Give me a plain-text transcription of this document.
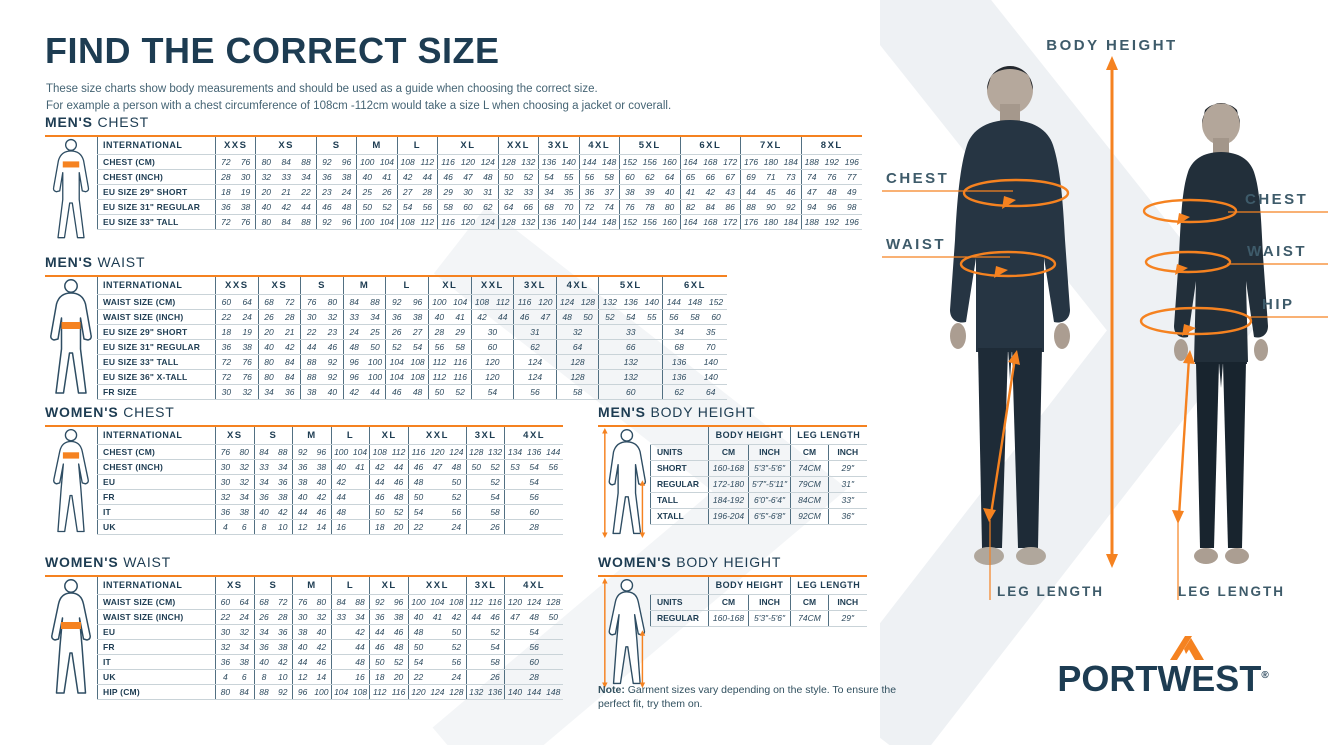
FIND THE CORRECT SIZE
These size charts show body measurements and should be used as a guide when choosing the correct size.
For example a person with a chest circumference of 108cm -112cm would take a size L when choosing a jacket or coverall.
MEN'S CHEST
INTERNATIONAL	XXS	XS	S	M	L	XL	XXL	3XL	4XL	5XL	6XL	7XL	8XL
CHEST (CM)	72 76	80 84 88	92 96	100 104	108 112	116 120 124	128 132	136 140	144 148	152 156 160	164 168 172	176 180 184	188 192 196

CHEST (INCH)	28 30	32 33 34	36 38	40 41	42 44	46 47 48	50 52	54 55	56 58	60 62 64	65 66 67	69 71 73	74 76 77

EU SIZE 29" SHORT	18 19	20 21 22	23 24	25 26	27 28	29 30 31	32 33	34 35	36 37	38 39 40	41 42 43	44 45 46	47 48 49

EU SIZE 31" REGULAR	36 38	40 42 44	46 48	50 52	54 56	58 60 62	64 66	68 70	72 74	76 78 80	82 84 86	88 90 92	94 96 98

EU SIZE 33" TALL	72 76	80 84 88	92 96	100 104	108 112	116 120 124	128 132	136 140	144 148	152 156 160	164 168 172	176 180 184	188 192 196
MEN'S WAIST
INTERNATIONAL	XXS	XS	S	M	L	XL	XXL	3XL	4XL	5XL	6XL
WAIST SIZE (CM)	60 64	68 72	76 80	84 88	92 96	100 104	108 112	116 120	124 128	132 136 140	144 148 152

WAIST SIZE (INCH)	22 24	26 28	30 32	33 34	36 38	40 41	42 44	46 47	48 50	52 54 55	56 58 60

EU SIZE 29" SHORT	18 19	20 21	22 23	24 25	26 27	28 29	30	31	32	33	34 35

EU SIZE 31" REGULAR	36 38	40 42	44 46	48 50	52 54	56 58	60	62	64	66	68 70

EU SIZE 33" TALL	72 76	80 84	88 92	96 100	104 108	112 116	120	124	128	132	136 140

EU SIZE 36" X-TALL	72 76	80 84	88 92	96 100	104 108	112 116	120	124	128	132	136 140

FR SIZE	30 32	34 36	38 40	42 44	46 48	50 52	54	56	58	60	62 64
WOMEN'S CHEST
INTERNATIONAL	XS	S	M	L	XL	XXL	3XL	4XL
CHEST (CM)	76 80	84 88	92 96	100 104	108 112	116 120 124	128 132	134 136 144

CHEST (INCH)	30 32	33 34	36 38	40 41	42 44	46 47 48	50 52	53 54 56

EU	30 32	34 36	38 40	42	44 46	48 50	52	54

FR	32 34	36 38	40 42	44	46 48	50 52	54	56

IT	36 38	40 42	44 46	48	50 52	54 56	58	60

UK	4 6	8 10	12 14	16	18 20	22 24	26	28
MEN'S BODY HEIGHT
	BODY HEIGHT		LEG LENGTH	
UNITS	CM	INCH	CM	INCH
SHORT	160-168	5'3"-5'6"	74CM	29"
REGULAR	172-180	5'7"-5'11"	79CM	31"
TALL	184-192	6'0"-6'4"	84CM	33"
XTALL	196-204	6'5"-6'8"	92CM	36"
WOMEN'S WAIST
INTERNATIONAL	XS	S	M	L	XL	XXL	3XL	4XL
WAIST SIZE (CM)	60 64	68 72	76 80	84 88	92 96	100 104 108	112 116	120 124 128

WAIST SIZE (INCH)	22 24	26 28	30 32	33 34	36 38	40 41 42	44 46	47 48 50

EU	30 32	34 36	38 40	42	44 46	48 50	52	54

FR	32 34	36 38	40 42	44	46 48	50 52	54	56

IT	36 38	40 42	44 46	48	50 52	54 56	58	60

UK	4 6	8 10	12 14	16	18 20	22 24	26	28

HIP (CM)	80 84	88 92	96 100	104 108	112 116	120 124 128	132 136	140 144 148
WOMEN'S BODY HEIGHT
	BODY HEIGHT		LEG LENGTH	
UNITS	CM	INCH	CM	INCH
REGULAR	160-168	5'3"-5'6"	74CM	29"
Note: Garment sizes vary depending on the style. To ensure the perfect fit, try them on.
BODY HEIGHT
CHEST
WAIST
CHEST
WAIST
HIP
LEG LENGTH	LEG LENGTH
PORTWEST®
